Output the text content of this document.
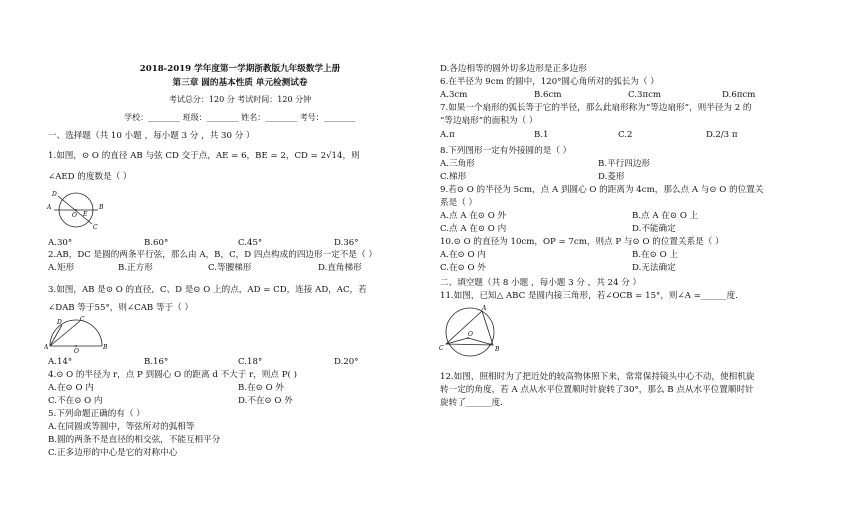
2018-2019 学年度第一学期浙教版九年级数学上册
第三章 圆的基本性质 单元检测试卷
考试总分：120 分 考试时间：120 分钟
学校：________ 班级：________ 姓名：________ 考号：________
一、选择题（共 10 小题 ，每小题 3 分 ，共 30 分 ）
1.如图，⊙ O 的直径 AB 与弦 CD 交于点，AE = 6，BE = 2，CD = 2√14，则
∠AED 的度数是（ ）
A	B
C
D
E
O
A.30°	B.60°	C.45°	D.36°
2.AB，DC 是圆的两条平行弦，那么由 A，B，C，D 四点构成的四边形一定不是（ ）
A.矩形	B.正方形	C.等腰梯形	D.直角梯形
3.如图，AB 是⊙ O 的直径，C、D 是⊙ O 上的点，AD = CD，连接 AD，AC，若
∠DAB 等于55°，则∠CAB 等于（ ）
A	B
C
D
O
A.14°	B.16°	C.18°	D.20°
4.⊙ O 的半径为 r，点 P 到圆心 O 的距离 d 不大于 r，则点 P( )
A.在⊙ O 内	B.在⊙ O 外
C.不在⊙ O 内	D.不在⊙ O 外
5.下列命题正确的有（ ）
A.在同圆或等圆中，等弦所对的弧相等
B.圆的两条不是直径的相交弦，不能互相平分
C.正多边形的中心是它的对称中心
D.各边相等的圆外切多边形是正多边形
6.在半径为 9cm 的圆中，120°圆心角所对的弧长为（ ）
A.3cm	B.6cm	C.3πcm	D.6πcm
7.如果一个扇形的弧长等于它的半径，那么此扇形称为“等边扇形”，则半径为 2 的
“等边扇形”的面积为（ ）
A.π	B.1	C.2	D.2/3 π
8.下列图形一定有外接圆的是（ ）
A.三角形	B.平行四边形
C.梯形	D.菱形
9.若⊙ O 的半径为 5cm，点 A 到圆心 O 的距离为 4cm，那么点 A 与⊙ O 的位置关
系是（ ）
A.点 A 在⊙ O 外	B.点 A 在⊙ O 上
C.点 A 在⊙ O 内	D.不能确定
10.⊙ O 的直径为 10cm，OP = 7cm，则点 P 与⊙ O 的位置关系是（ ）
A.在⊙ O 内	B.在⊙ O 上
C.在⊙ O 外	D.无法确定
二、填空题（共 8 小题 ，每小题 3 分 ，共 24 分 ）
11.如图，已知△ ABC 是圆内接三角形，若∠OCB = 15°，则∠A =______度.
A
B
C
O
12.如图，照相时为了把近处的较高物体照下来，常常保持镜头中心不动，使相机旋
转一定的角度，若 A 点从水平位置顺时针旋转了30°，那么 B 点从水平位置顺时针
旋转了______度.
